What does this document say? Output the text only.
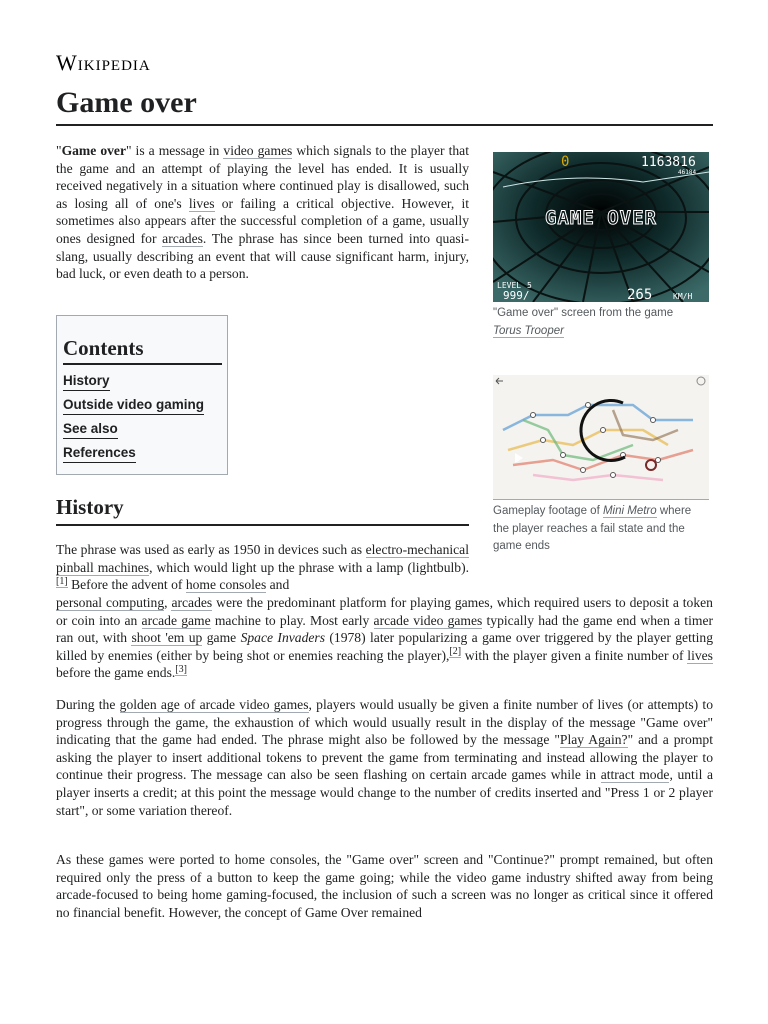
Wikipedia
Game over

"Game over" is a message in video games which signals to the player that the game and an attempt of playing the level has ended. It is usually received negatively in a situation where continued play is disallowed, such as losing all of one's lives or failing a critical objective. However, it sometimes also appears after the successful completion of a game, usually ones designed for arcades. The phrase has since been turned into quasi-slang, usually describing an event that will cause significant harm, injury, bad luck, or even death to a person.

Contents
History
Outside video gaming
See also
References
0	1163816
46184
GAME OVER
LEVEL 5
999/	265	KM/H
"Game over" screen from the game
Torus Trooper
Gameplay footage of Mini Metro where the player reaches a fail state and the game ends
History

The phrase was used as early as 1950 in devices such as electro-mechanical pinball machines, which would light up the phrase with a lamp (lightbulb).[1] Before the advent of home consoles and

personal computing, arcades were the predominant platform for playing games, which required users to deposit a token or coin into an arcade game machine to play. Most early arcade video games typically had the game end when a timer ran out, with shoot 'em up game Space Invaders (1978) later popularizing a game over triggered by the player getting killed by enemies (either by being shot or enemies reaching the player),[2] with the player given a finite number of lives before the game ends.[3]

During the golden age of arcade video games, players would usually be given a finite number of lives (or attempts) to progress through the game, the exhaustion of which would usually result in the display of the message "Game over" indicating that the game had ended. The phrase might also be followed by the message "Play Again?" and a prompt asking the player to insert additional tokens to prevent the game from terminating and instead allowing the player to continue their progress. The message can also be seen flashing on certain arcade games while in attract mode, until a player inserts a credit; at this point the message would change to the number of credits inserted and "Press 1 or 2 player start", or some variation thereof.

As these games were ported to home consoles, the "Game over" screen and "Continue?" prompt remained, but often required only the press of a button to keep the game going; while the video game industry shifted away from being arcade-focused to being home gaming-focused, the inclusion of such a screen was no longer as critical since it offered no financial benefit. However, the concept of Game Over remained
